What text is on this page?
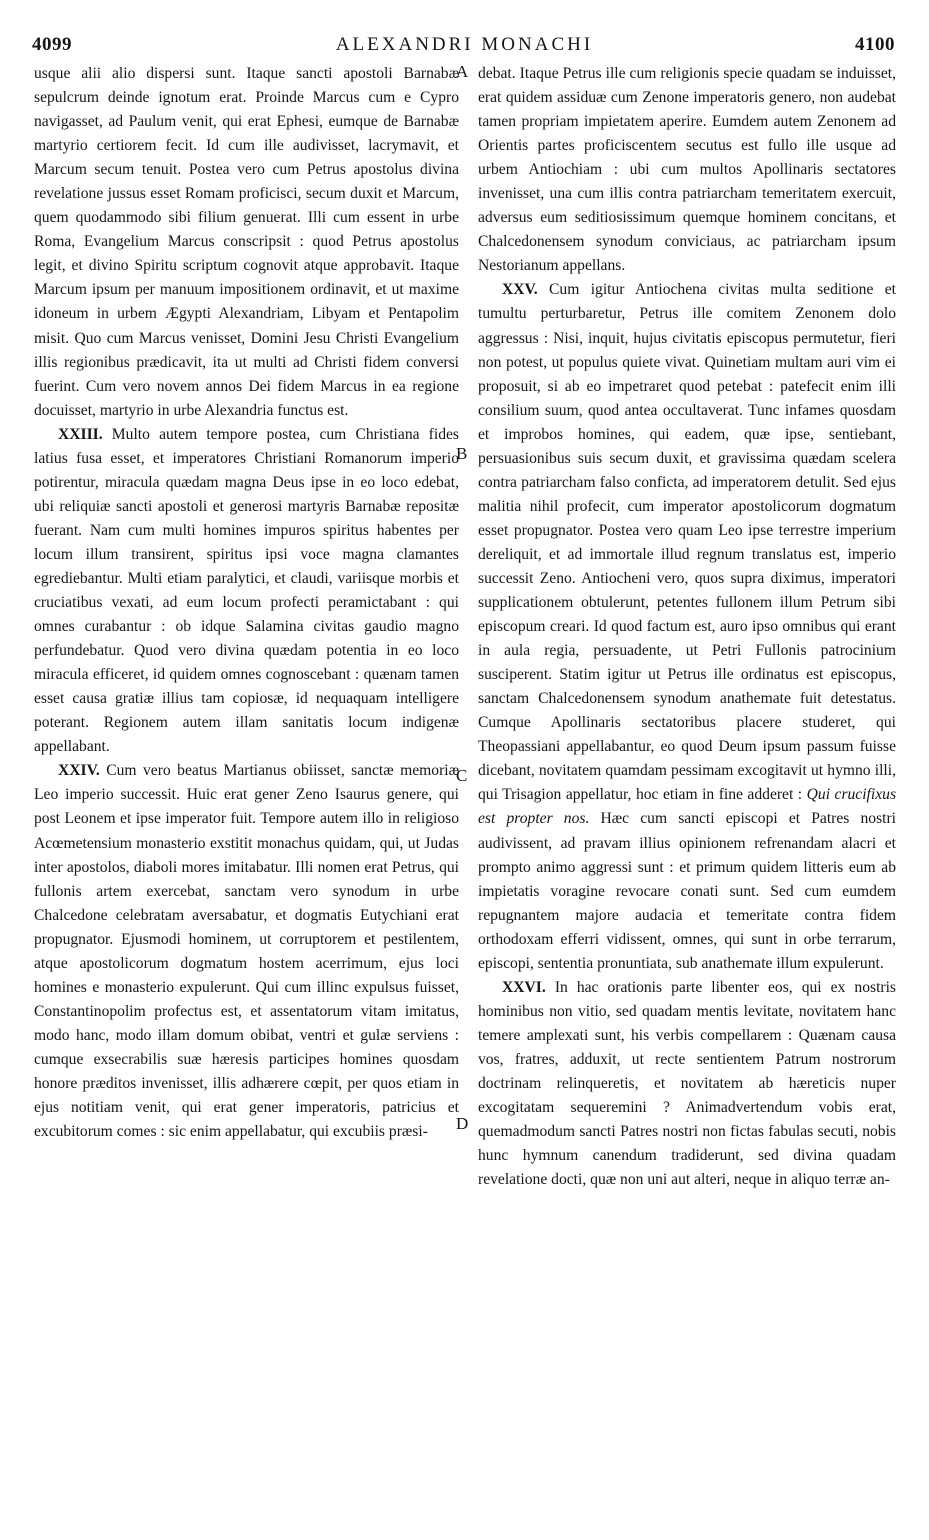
4099	ALEXANDRI MONACHI	4100

usque alii alio dispersi sunt. Itaque sancti apostoli Barnabæ sepulcrum deinde ignotum erat. Proinde Marcus cum e Cypro navigasset, ad Paulum venit, qui erat Ephesi, eumque de Barnabæ martyrio certiorem fecit. Id cum ille audivisset, lacrymavit, et Marcum secum tenuit. Postea vero cum Petrus apostolus divina revelatione jussus esset Romam proficisci, secum duxit et Marcum, quem quodammodo sibi filium genuerat. Illi cum essent in urbe Roma, Evangelium Marcus conscripsit : quod Petrus apostolus legit, et divino Spiritu scriptum cognovit atque approbavit. Itaque Marcum ipsum per manuum impositionem ordinavit, et ut maxime idoneum in urbem Ægypti Alexandriam, Libyam et Pentapolim misit. Quo cum Marcus venisset, Domini Jesu Christi Evangelium illis regionibus prædicavit, ita ut multi ad Christi fidem conversi fuerint. Cum vero novem annos Dei fidem Marcus in ea regione docuisset, martyrio in urbe Alexandria functus est.

XXIII. Multo autem tempore postea, cum Christiana fides latius fusa esset, et imperatores Christiani Romanorum imperio potirentur, miracula quædam magna Deus ipse in eo loco edebat, ubi reliquiæ sancti apostoli et generosi martyris Barnabæ repositæ fuerant. Nam cum multi homines impuros spiritus habentes per locum illum transirent, spiritus ipsi voce magna clamantes egrediebantur. Multi etiam paralytici, et claudi, variisque morbis et cruciatibus vexati, ad eum locum profecti peramictabant : qui omnes curabantur : ob idque Salamina civitas gaudio magno perfundebatur. Quod vero divina quædam potentia in eo loco miracula efficeret, id quidem omnes cognoscebant : quænam tamen esset causa gratiæ illius tam copiosæ, id nequaquam intelligere poterant. Regionem autem illam sanitatis locum indigenæ appellabant.

XXIV. Cum vero beatus Martianus obiisset, sanctæ memoriæ Leo imperio successit. Huic erat gener Zeno Isaurus genere, qui post Leonem et ipse imperator fuit. Tempore autem illo in religioso Acœmetensium monasterio exstitit monachus quidam, qui, ut Judas inter apostolos, diaboli mores imitabatur. Illi nomen erat Petrus, qui fullonis artem exercebat, sanctam vero synodum in urbe Chalcedone celebratam aversabatur, et dogmatis Eutychiani erat propugnator. Ejusmodi hominem, ut corruptorem et pestilentem, atque apostolicorum dogmatum hostem acerrimum, ejus loci homines e monasterio expulerunt. Qui cum illinc expulsus fuisset, Constantinopolim profectus est, et assentatorum vitam imitatus, modo hanc, modo illam domum obibat, ventri et gulæ serviens : cumque exsecrabilis suæ hæresis participes homines quosdam honore præditos invenisset, illis adhærere cœpit, per quos etiam in ejus notitiam venit, qui erat gener imperatoris, patricius et excubitorum comes : sic enim appellabatur, qui excubiis præsi-

A
B
C
D

debat. Itaque Petrus ille cum religionis specie quadam se induisset, erat quidem assiduæ cum Zenone imperatoris genero, non audebat tamen propriam impietatem aperire. Eumdem autem Zenonem ad Orientis partes proficiscentem secutus est fullo ille usque ad urbem Antiochiam : ubi cum multos Apollinaris sectatores invenisset, una cum illis contra patriarcham temeritatem exercuit, adversus eum seditiosissimum quemque hominem concitans, et Chalcedonensem synodum conviciaus, ac patriarcham ipsum Nestorianum appellans.

XXV. Cum igitur Antiochena civitas multa seditione et tumultu perturbaretur, Petrus ille comitem Zenonem dolo aggressus : Nisi, inquit, hujus civitatis episcopus permutetur, fieri non potest, ut populus quiete vivat. Quinetiam multam auri vim ei proposuit, si ab eo impetraret quod petebat : patefecit enim illi consilium suum, quod antea occultaverat. Tunc infames quosdam et improbos homines, qui eadem, quæ ipse, sentiebant, persuasionibus suis secum duxit, et gravissima quædam scelera contra patriarcham falso conficta, ad imperatorem detulit. Sed ejus malitia nihil profecit, cum imperator apostolicorum dogmatum esset propugnator. Postea vero quam Leo ipse terrestre imperium dereliquit, et ad immortale illud regnum translatus est, imperio successit Zeno. Antiocheni vero, quos supra diximus, imperatori supplicationem obtulerunt, petentes fullonem illum Petrum sibi episcopum creari. Id quod factum est, auro ipso omnibus qui erant in aula regia, persuadente, ut Petri Fullonis patrocinium susciperent. Statim igitur ut Petrus ille ordinatus est episcopus, sanctam Chalcedonensem synodum anathemate fuit detestatus. Cumque Apollinaris sectatoribus placere studeret, qui Theopassiani appellabantur, eo quod Deum ipsum passum fuisse dicebant, novitatem quamdam pessimam excogitavit ut hymno illi, qui Trisagion appellatur, hoc etiam in fine adderet : Qui crucifixus est propter nos. Hæc cum sancti episcopi et Patres nostri audivissent, ad pravam illius opinionem refrenandam alacri et prompto animo aggressi sunt : et primum quidem litteris eum ab impietatis voragine revocare conati sunt. Sed cum eumdem repugnantem majore audacia et temeritate contra fidem orthodoxam efferri vidissent, omnes, qui sunt in orbe terrarum, episcopi, sententia pronuntiata, sub anathemate illum expulerunt.

XXVI. In hac orationis parte libenter eos, qui ex nostris hominibus non vitio, sed quadam mentis levitate, novitatem hanc temere amplexati sunt, his verbis compellarem : Quænam causa vos, fratres, adduxit, ut recte sentientem Patrum nostrorum doctrinam relinqueretis, et novitatem ab hæreticis nuper excogitatam sequeremini ? Animadvertendum vobis erat, quemadmodum sancti Patres nostri non fictas fabulas secuti, nobis hunc hymnum canendum tradiderunt, sed divina quadam revelatione docti, quæ non uni aut alteri, neque in aliquo terræ an-
